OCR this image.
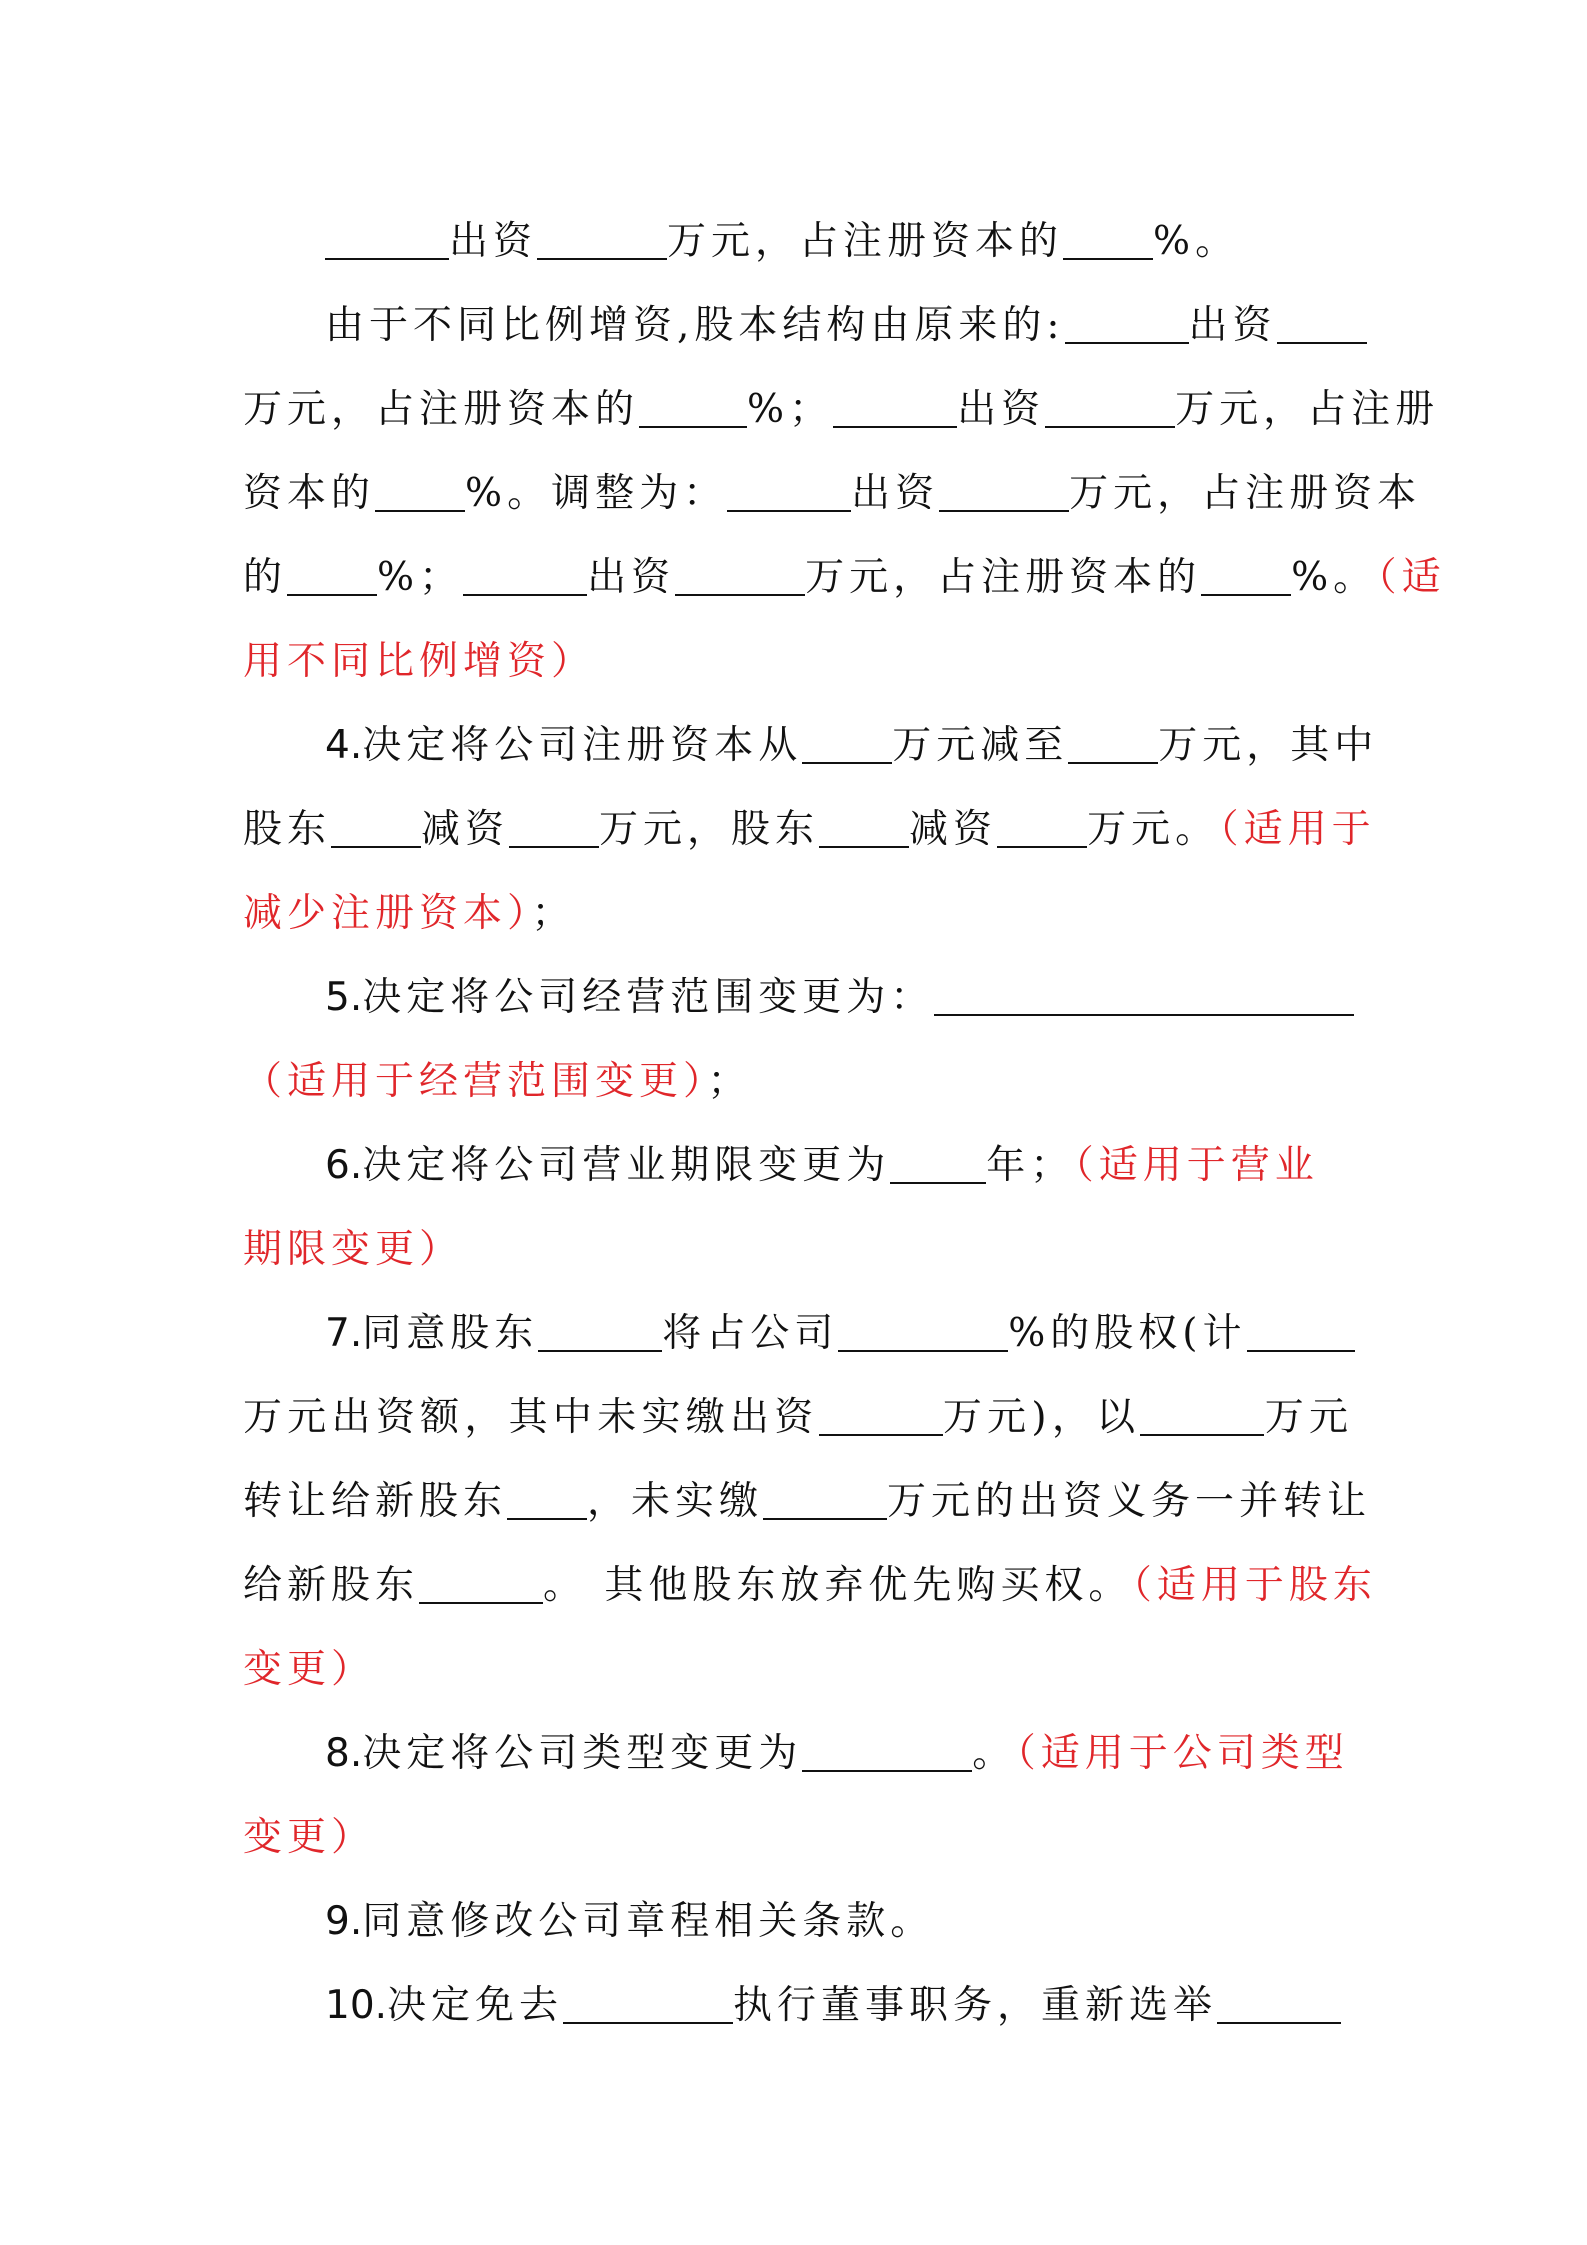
出资	万元，占注册资本的 %。
由于不同比例增资,股本结构由原来的:	出资
万元，占注册资本的	%；	出资	万元，占注册
资本的 %。调整为：	出资	万元，占注册资本
的 %；	出资	万元，占注册资本的 %。（适
用不同比例增资）
4.决定将公司注册资本从 万元减至 万元，其中
股东 减资 万元，股东 减资 万元。（适用于
减少注册资本）；
5.决定将公司经营范围变更为：
（适用于经营范围变更）；
6.决定将公司营业期限变更为 年；（适用于营业
期限变更）
7.同意股东	将占公司	%的股权(计
万元出资额，其中未实缴出资	万元)，以	万元
转让给新股东 ，未实缴	万元的出资义务一并转让
给新股东	。 其他股东放弃优先购买权。（适用于股东
变更）
8.决定将公司类型变更为	。（适用于公司类型
变更）
9.同意修改公司章程相关条款。
10.决定免去	执行董事职务，重新选举
